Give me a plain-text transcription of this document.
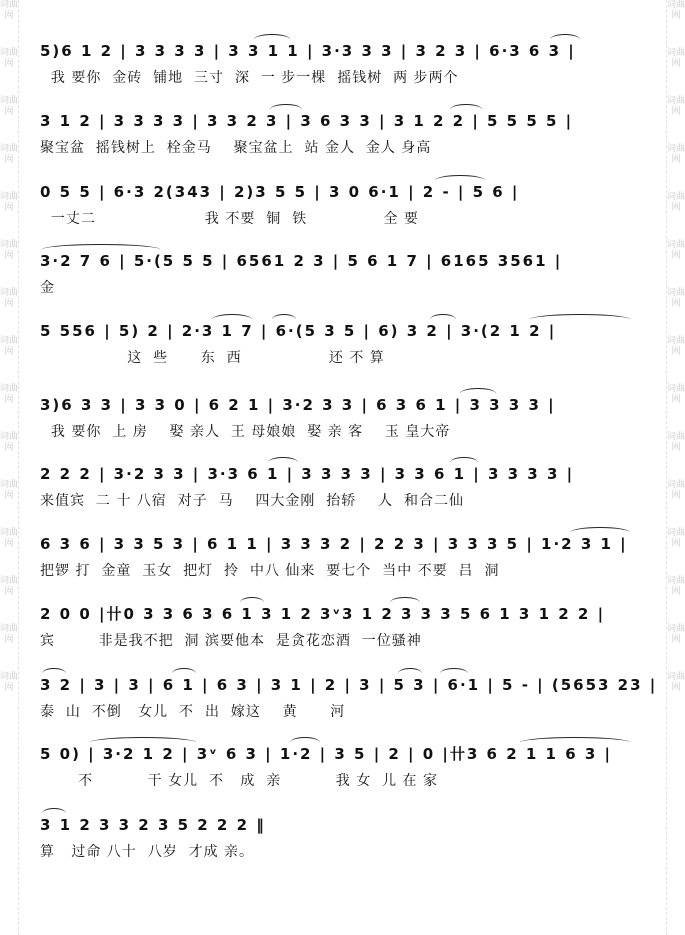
词曲网
词曲网
词曲网
词曲网
词曲网
词曲网
词曲网
词曲网
词曲网
词曲网
词曲网
词曲网
词曲网
词曲网
词曲网
词曲网
词曲网
词曲网
词曲网
词曲网
词曲网
词曲网
词曲网
词曲网
词曲网
词曲网
词曲网
词曲网
词曲网
词曲网
5)6 1 2 | 3 3 3 3 | 3 3 1 1 | 3·3 3 3 | 3 2 3 | 6·3 6 3 |
我 要你  金砖  铺地  三寸  深  一 步一棵  摇钱树  两 步两个
3 1 2 | 3 3 3 3 | 3 3 2 3 | 3 6 3 3 | 3 1 2 2 | 5 5 5 5 |
聚宝盆  摇钱树上  栓金马    聚宝盆上  站 金人  金人 身高
0 5 5 | 6·3 2(343 | 2)3 5 5 | 3 0 6·1 | 2 - | 5 6 |
一丈二                    我 不要  铜  铁              全 要
3·2 7 6 | 5·(5 5 5 | 6561 2 3 | 5 6 1 7 | 6165 3561 |
金
5 556 | 5) 2 | 2·3 1 7 | 6·(5 3 5 | 6) 3 2 | 3·(2 1 2 |
这  些      东  西                还 不 算
3)6 3 3 | 3 3 0 | 6 2 1 | 3·2 3 3 | 6 3 6 1 | 3 3 3 3 |
我 要你  上 房    娶 亲人  王 母娘娘  娶 亲 客    玉 皇大帝
2 2 2 | 3·2 3 3 | 3·3 6 1 | 3 3 3 3 | 3 3 6 1 | 3 3 3 3 |
来值宾  二 十 八宿  对子  马    四大金刚  抬轿    人  和合二仙
6 3 6 | 3 3 5 3 | 6 1 1 | 3 3 3 2 | 2 2 3 | 3 3 3 5 | 1·2 3 1 |
把锣 打  金童  玉女  把灯  拎  中八 仙来  要七个  当中 不要  吕  洞
2 0 0 |卄0 3 3 6 3 6 1 3 1 2 3ᵛ3 1 2 3 3 3 5 6 1 3 1 2 2 |
宾        非是我不把  洞 滨要他本  是贪花恋酒  一位骚神
3 2 | 3 | 3 | 6 1 | 6 3 | 3 1 | 2 | 3 | 5 3 | 6·1 | 5 - | (5653 23 |
泰  山  不倒   女儿  不  出  嫁这    黄      河
5 0) | 3·2 1 2 | 3ᵛ 6 3 | 1·2 | 3 5 | 2 | 0 |卄3 6 2 1 1 6 3 |
不          干 女儿  不   成  亲          我 女  儿 在 家
3 1 2 3 3 2 3 5 2 2 2 ‖
算   过命 八十  八岁  才成 亲。
